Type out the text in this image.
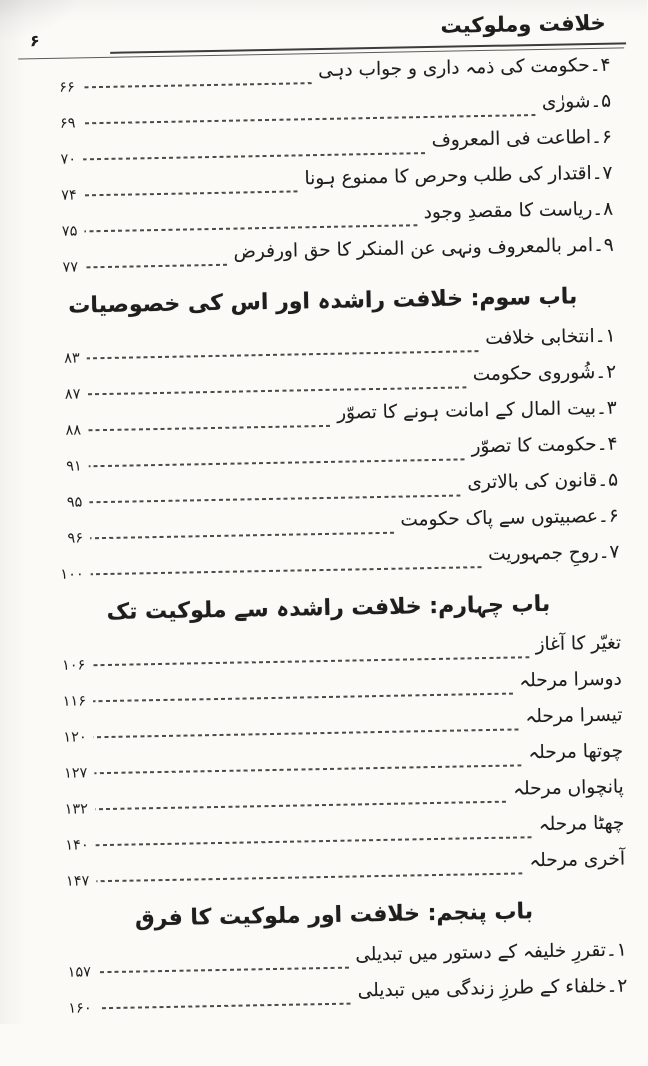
خلافت وملوکیت
۶
۴۔حکومت کی ذمہ داری و جواب دہی
۶۶
۵۔شورٰی
۶۹
۶۔اطاعت فی المعروف
۷۰
۷۔اقتدار کی طلب وحرص کا ممنوع ہونا
۷۴
۸۔ریاست کا مقصدِ وجود
۷۵
۹۔امر بالمعروف ونہی عن المنکر کا حق اورفرض
۷۷
باب سوم: خلافت راشدہ اور اس کی خصوصیات
۱۔انتخابی خلافت
۸۳
۲۔شُوروی حکومت
۸۷
۳۔بیت المال کے امانت ہونے کا تصوّر
۸۸
۴۔حکومت کا تصوّر
۹۱
۵۔قانون کی بالاتری
۹۵
۶۔عصبیتوں سے پاک حکومت
۹۶
۷۔روحِ جمہوریت
۱۰۰
باب چہارم: خلافت راشدہ سے ملوکیت تک
تغیّر کا آغاز
۱۰۶
دوسرا مرحلہ
۱۱۶
تیسرا مرحلہ
۱۲۰
چوتھا مرحلہ
۱۲۷
پانچواں مرحلہ
۱۳۲
چھٹا مرحلہ
۱۴۰
آخری مرحلہ
۱۴۷
باب پنجم: خلافت اور ملوکیت کا فرق
۱۔تقررِ خلیفہ کے دستور میں تبدیلی
۱۵۷
۲۔خلفاء کے طرزِ زندگی میں تبدیلی
۱۶۰
